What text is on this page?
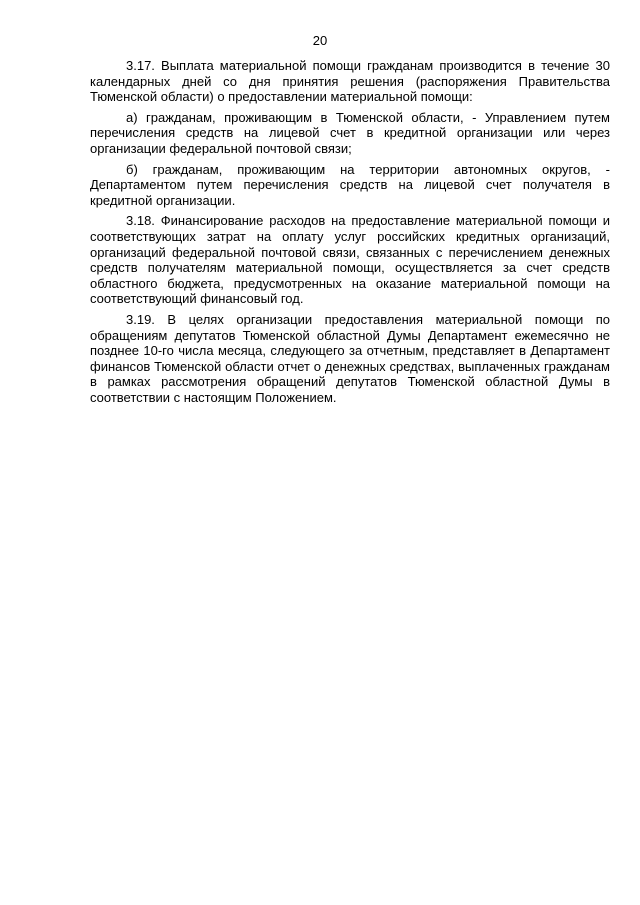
20

3.17. Выплата материальной помощи гражданам производится в течение 30 календарных дней со дня принятия решения (распоряжения Правительства Тюменской области) о предоставлении материальной помощи:

а) гражданам, проживающим в Тюменской области, - Управлением путем перечисления средств на лицевой счет в кредитной организации или через организации федеральной почтовой связи;

б) гражданам, проживающим на территории автономных округов, - Департаментом путем перечисления средств на лицевой счет получателя в кредитной организации.

3.18. Финансирование расходов на предоставление материальной помощи и соответствующих затрат на оплату услуг российских кредитных организаций, организаций федеральной почтовой связи, связанных с перечислением денежных средств получателям материальной помощи, осуществляется за счет средств областного бюджета, предусмотренных на оказание материальной помощи на соответствующий финансовый год.

3.19. В целях организации предоставления материальной помощи по обращениям депутатов Тюменской областной Думы Департамент ежемесячно не позднее 10-го числа месяца, следующего за отчетным, представляет в Департамент финансов Тюменской области отчет о денежных средствах, выплаченных гражданам в рамках рассмотрения обращений депутатов Тюменской областной Думы в соответствии с настоящим Положением.
